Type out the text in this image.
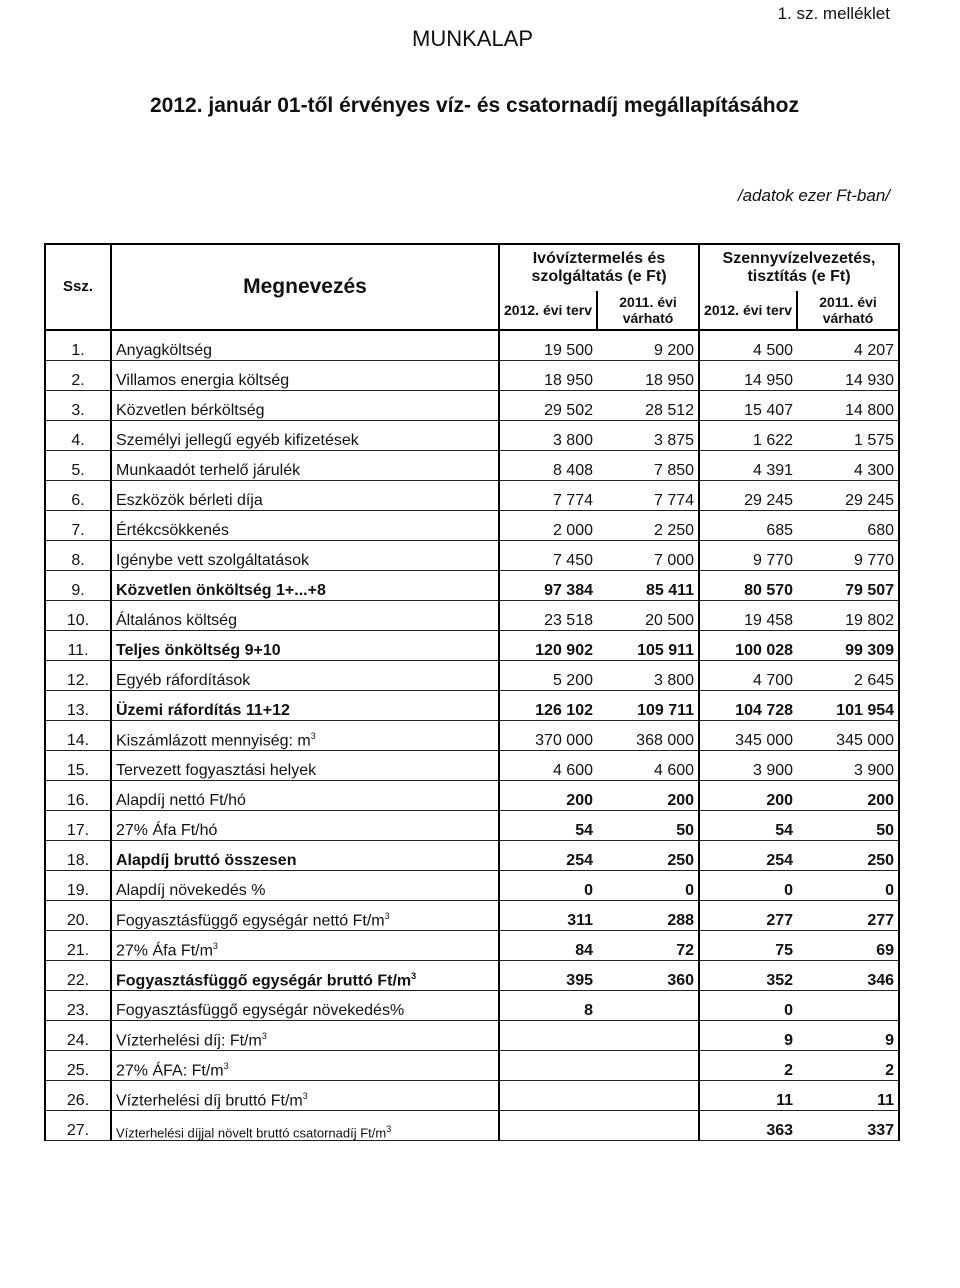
MUNKALAP
1. sz. melléklet
2012. január 01-től érvényes víz- és csatornadíj megállapításához
/adatok ezer Ft-ban/
Ssz.	Megnevezés	Ivóvíztermelés és szolgáltatás (e Ft)		Szennyvízelvezetés, tisztítás (e Ft)	
		2012. évi terv	2011. évi várható	2012. évi terv	2011. évi várható
1.	Anyagköltség	19 500	9 200	4 500	4 207
2.	Villamos energia költség	18 950	18 950	14 950	14 930
3.	Közvetlen bérköltség	29 502	28 512	15 407	14 800
4.	Személyi jellegű egyéb kifizetések	3 800	3 875	1 622	1 575
5.	Munkaadót terhelő járulék	8 408	7 850	4 391	4 300
6.	Eszközök bérleti díja	7 774	7 774	29 245	29 245
7.	Értékcsökkenés	2 000	2 250	685	680
8.	Igénybe vett szolgáltatások	7 450	7 000	9 770	9 770
9.	Közvetlen önköltség 1+...+8	97 384	85 411	80 570	79 507
10.	Általános költség	23 518	20 500	19 458	19 802
11.	Teljes önköltség 9+10	120 902	105 911	100 028	99 309
12.	Egyéb ráfordítások	5 200	3 800	4 700	2 645
13.	Üzemi ráfordítás 11+12	126 102	109 711	104 728	101 954
14.	Kiszámlázott mennyiség: $m^3$	370 000	368 000	345 000	345 000
15.	Tervezett fogyasztási helyek	4 600	4 600	3 900	3 900
16.	Alapdíj nettó Ft/hó	200	200	200	200
17.	27% Áfa Ft/hó	54	50	54	50
18.	Alapdíj bruttó összesen	254	250	254	250
19.	Alapdíj növekedés %	0	0	0	0
20.	Fogyasztásfüggő egységár nettó $Ft/m^3$	311	288	277	277
21.	27% Áfa $Ft/m^3$	84	72	75	69
22.	Fogyasztásfüggő egységár bruttó $Ft/m^3$	395	360	352	346
23.	Fogyasztásfüggő egységár növekedés%	8		0	
24.	Vízterhelési díj: $Ft/m^3$			9	9
25.	27% ÁFA: $Ft/m^3$			2	2
26.	Vízterhelési díj bruttó $Ft/m^3$			11	11
27.	Vízterhelési díjjal növelt bruttó csatornadíj $Ft/m^3$			363	337
